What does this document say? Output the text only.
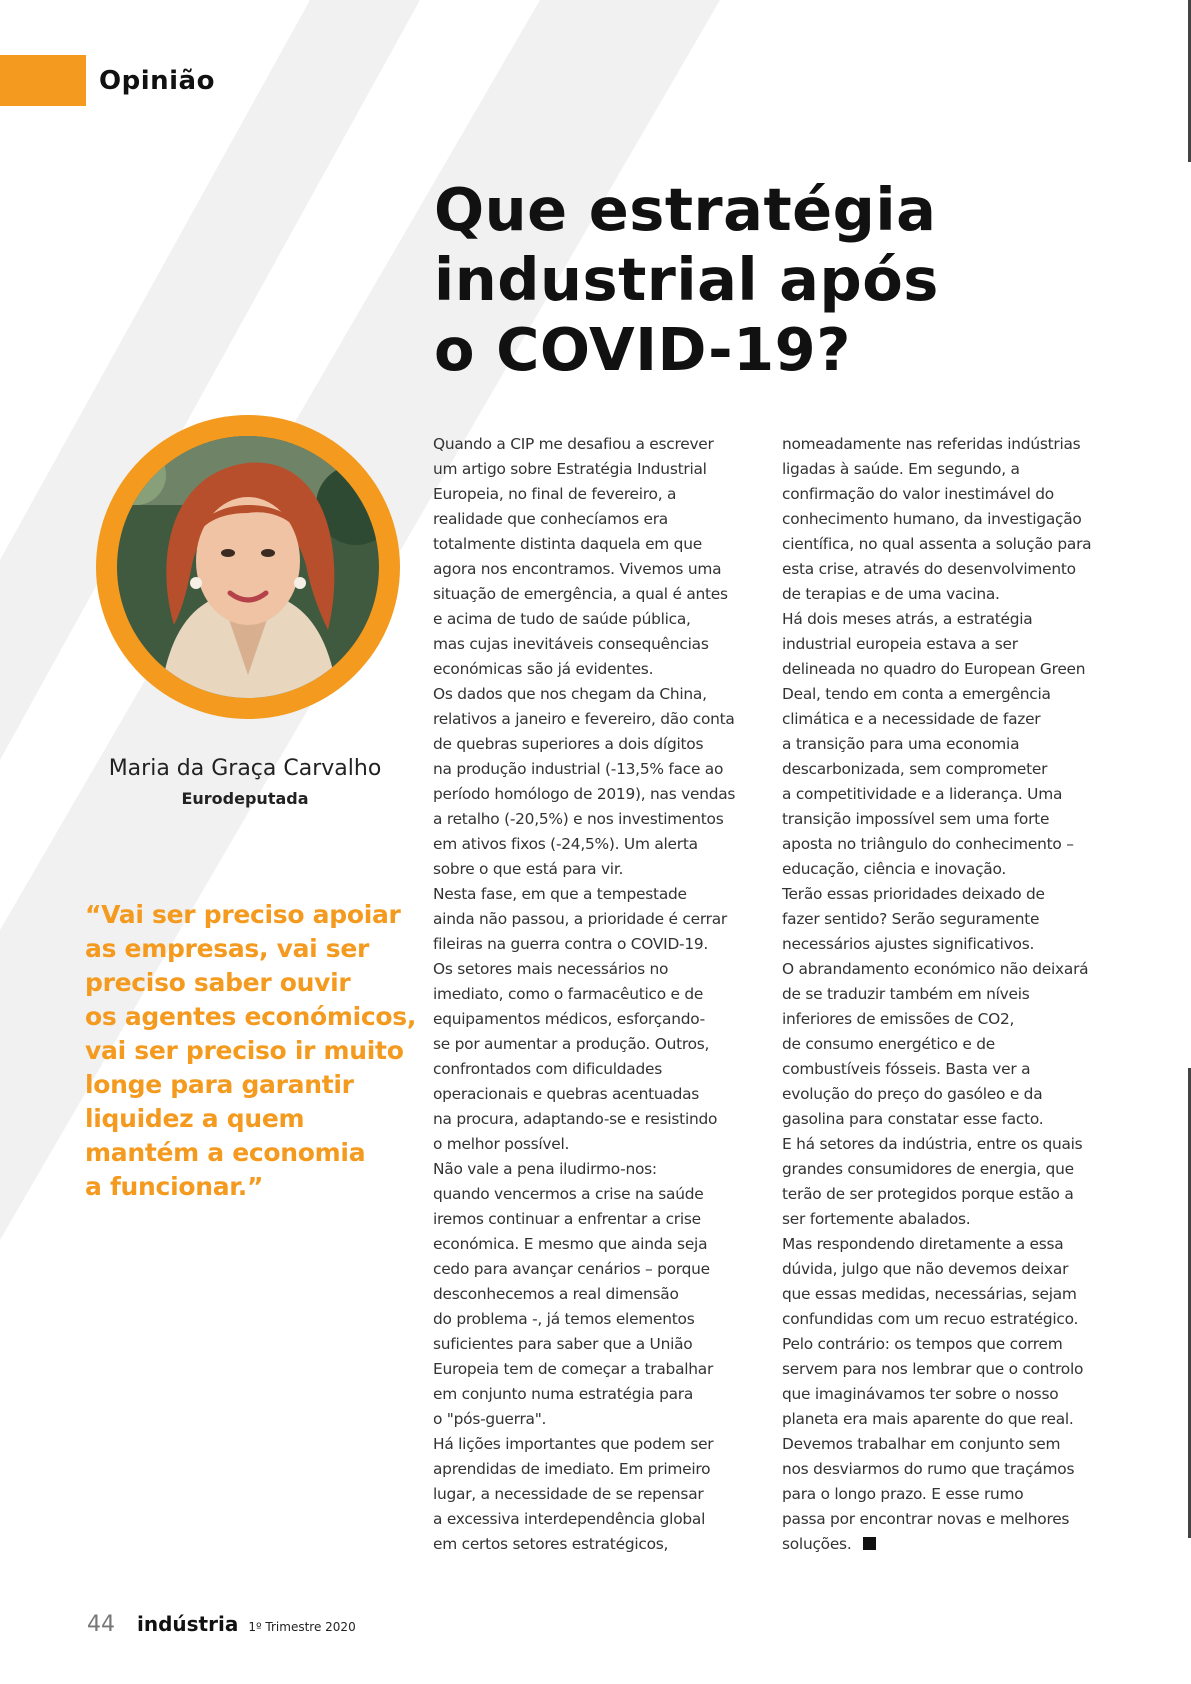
Opinião
Que estratégia
industrial após
o COVID-19?
Maria da Graça Carvalho
Eurodeputada
“Vai ser preciso apoiar
as empresas, vai ser
preciso saber ouvir
os agentes económicos,
vai ser preciso ir muito
longe para garantir
liquidez a quem
mantém a economia
a funcionar.”
Quando a CIP me desafiou a escrever
um artigo sobre Estratégia Industrial
Europeia, no final de fevereiro, a
realidade que conhecíamos era
totalmente distinta daquela em que
agora nos encontramos. Vivemos uma
situação de emergência, a qual é antes
e acima de tudo de saúde pública,
mas cujas inevitáveis consequências
económicas são já evidentes.
Os dados que nos chegam da China,
relativos a janeiro e fevereiro, dão conta
de quebras superiores a dois dígitos
na produção industrial (-13,5% face ao
período homólogo de 2019), nas vendas
a retalho (-20,5%) e nos investimentos
em ativos fixos (-24,5%). Um alerta
sobre o que está para vir.
Nesta fase, em que a tempestade
ainda não passou, a prioridade é cerrar
fileiras na guerra contra o COVID-19.
Os setores mais necessários no
imediato, como o farmacêutico e de
equipamentos médicos, esforçando-
se por aumentar a produção. Outros,
confrontados com dificuldades
operacionais e quebras acentuadas
na procura, adaptando-se e resistindo
o melhor possível.
Não vale a pena iludirmo-nos:
quando vencermos a crise na saúde
iremos continuar a enfrentar a crise
económica. E mesmo que ainda seja
cedo para avançar cenários – porque
desconhecemos a real dimensão
do problema -, já temos elementos
suficientes para saber que a União
Europeia tem de começar a trabalhar
em conjunto numa estratégia para
o "pós-guerra".
Há lições importantes que podem ser
aprendidas de imediato. Em primeiro
lugar, a necessidade de se repensar
a excessiva interdependência global
em certos setores estratégicos,
nomeadamente nas referidas indústrias
ligadas à saúde. Em segundo, a
confirmação do valor inestimável do
conhecimento humano, da investigação
científica, no qual assenta a solução para
esta crise, através do desenvolvimento
de terapias e de uma vacina.
Há dois meses atrás, a estratégia
industrial europeia estava a ser
delineada no quadro do European Green
Deal, tendo em conta a emergência
climática e a necessidade de fazer
a transição para uma economia
descarbonizada, sem comprometer
a competitividade e a liderança. Uma
transição impossível sem uma forte
aposta no triângulo do conhecimento –
educação, ciência e inovação.
Terão essas prioridades deixado de
fazer sentido? Serão seguramente
necessários ajustes significativos.
O abrandamento económico não deixará
de se traduzir também em níveis
inferiores de emissões de CO2,
de consumo energético e de
combustíveis fósseis. Basta ver a
evolução do preço do gasóleo e da
gasolina para constatar esse facto.
E há setores da indústria, entre os quais
grandes consumidores de energia, que
terão de ser protegidos porque estão a
ser fortemente abalados.
Mas respondendo diretamente a essa
dúvida, julgo que não devemos deixar
que essas medidas, necessárias, sejam
confundidas com um recuo estratégico.
Pelo contrário: os tempos que correm
servem para nos lembrar que o controlo
que imaginávamos ter sobre o nosso
planeta era mais aparente do que real.
Devemos trabalhar em conjunto sem
nos desviarmos do rumo que traçámos
para o longo prazo. E esse rumo
passa por encontrar novas e melhores
soluções.
44 indústria 1º Trimestre 2020
